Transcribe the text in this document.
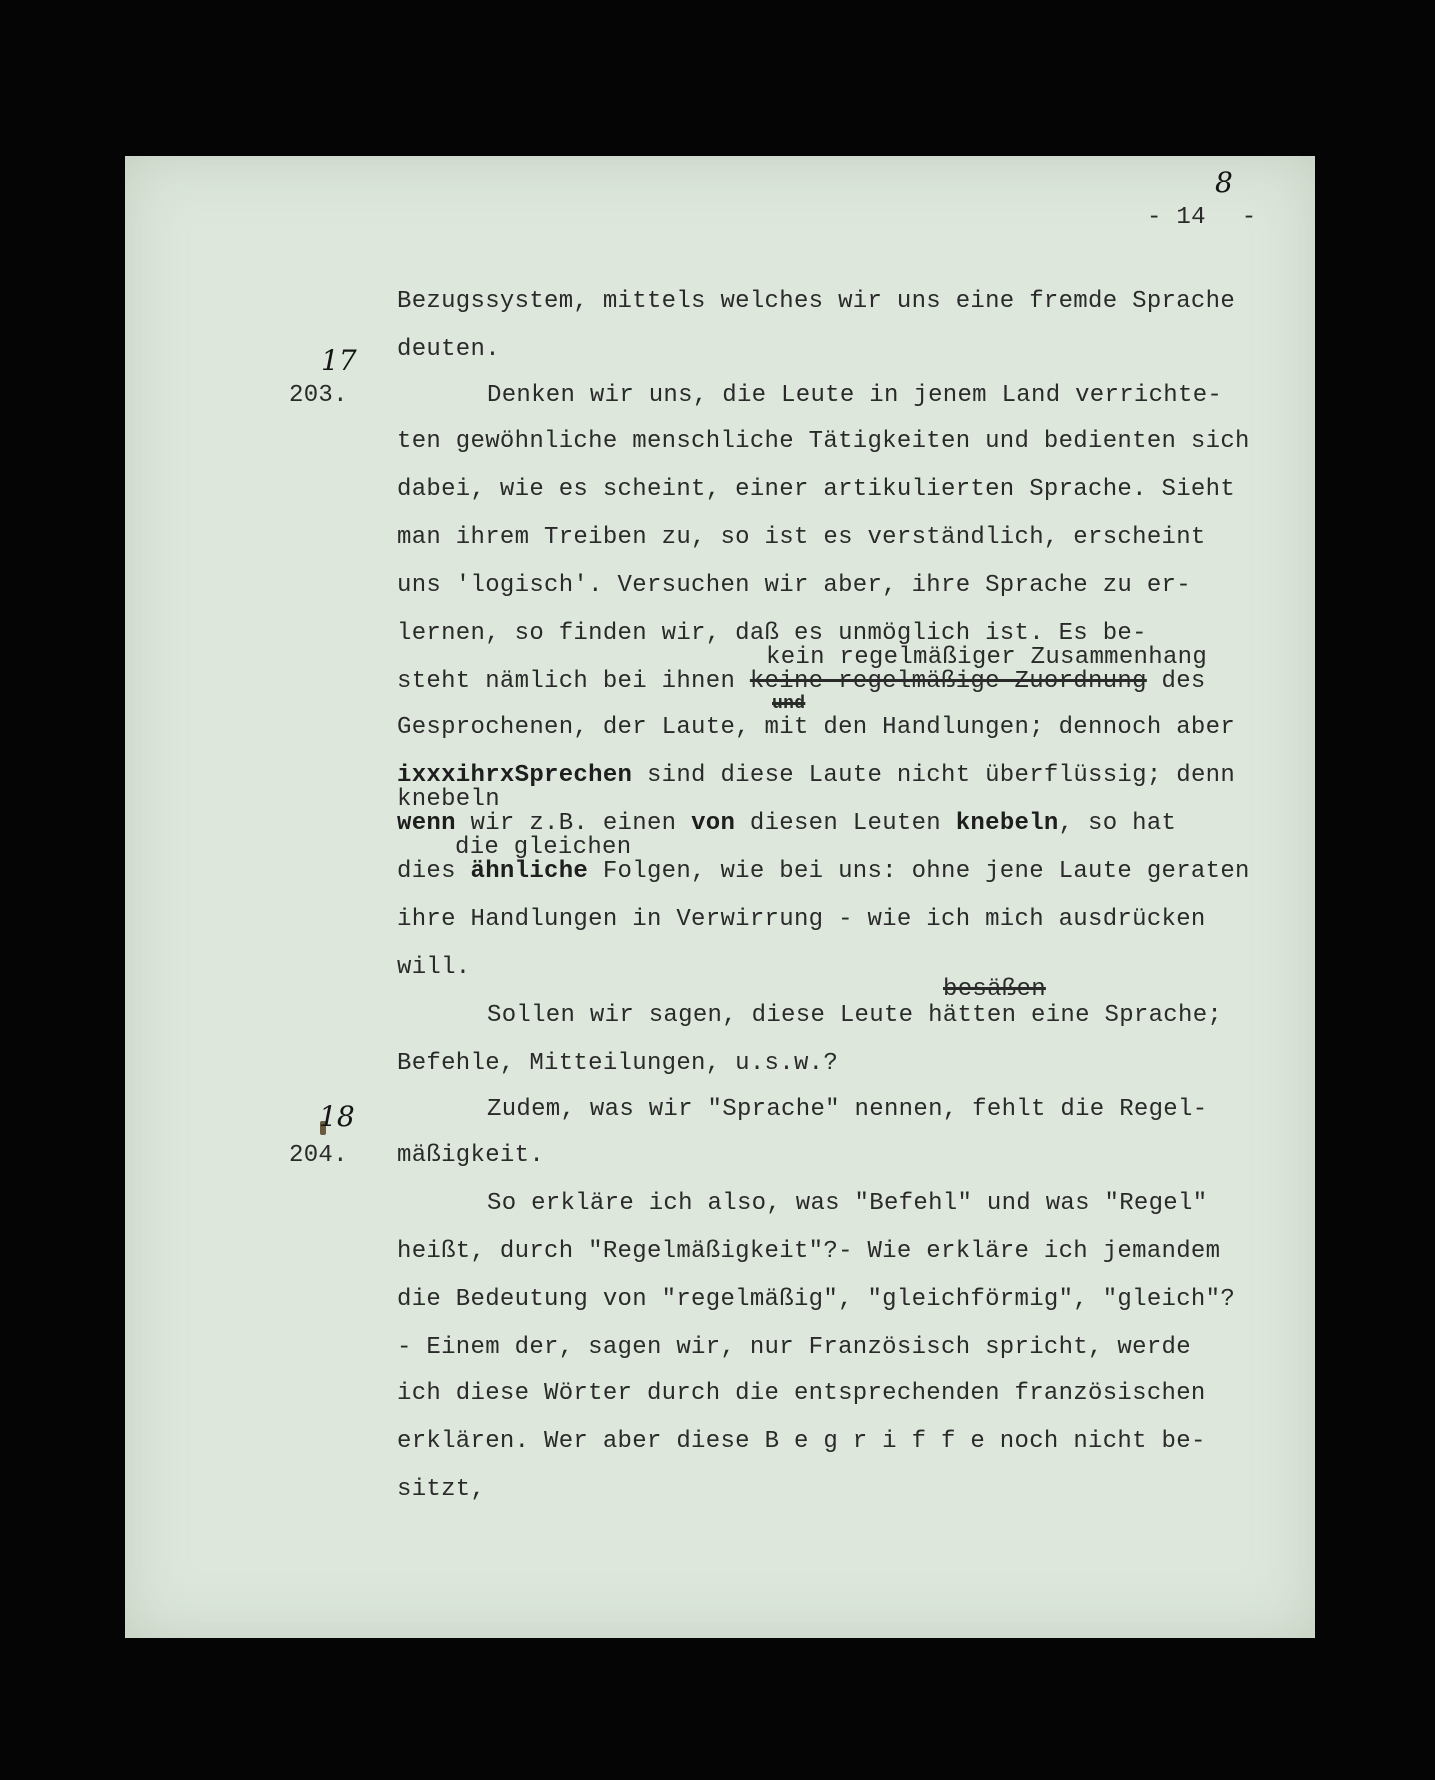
- 14 -
8
203.
17
204.
18
Bezugssystem, mittels welches wir uns eine fremde Sprache
deuten.
Denken wir uns, die Leute in jenem Land verrichte-
ten gewöhnliche menschliche Tätigkeiten und bedienten sich
dabei, wie es scheint, einer artikulierten Sprache. Sieht
man ihrem Treiben zu, so ist es verständlich, erscheint
uns 'logisch'. Versuchen wir aber, ihre Sprache zu er-
lernen, so finden wir, daß es unmöglich ist. Es be-
kein regelmäßiger Zusammenhang
steht nämlich bei ihnen keine regelmäßige Zuordnung des
und
Gesprochenen, der Laute, mit den Handlungen; dennoch aber
ixxxihrxSprechen sind diese Laute nicht überflüssig; denn
knebeln
wenn wir z.B. einen von diesen Leuten knebeln, so hat
die gleichen
dies ähnliche Folgen, wie bei uns: ohne jene Laute geraten
ihre Handlungen in Verwirrung - wie ich mich ausdrücken
will.
besäßen
Sollen wir sagen, diese Leute hätten eine Sprache;
Befehle, Mitteilungen, u.s.w.?
Zudem, was wir "Sprache" nennen, fehlt die Regel-
mäßigkeit.
So erkläre ich also, was "Befehl" und was "Regel"
heißt, durch "Regelmäßigkeit"?- Wie erkläre ich jemandem
die Bedeutung von "regelmäßig", "gleichförmig", "gleich"?
- Einem der, sagen wir, nur Französisch spricht, werde
ich diese Wörter durch die entsprechenden französischen
erklären. Wer aber diese B e g r i f f e noch nicht be-
sitzt,
